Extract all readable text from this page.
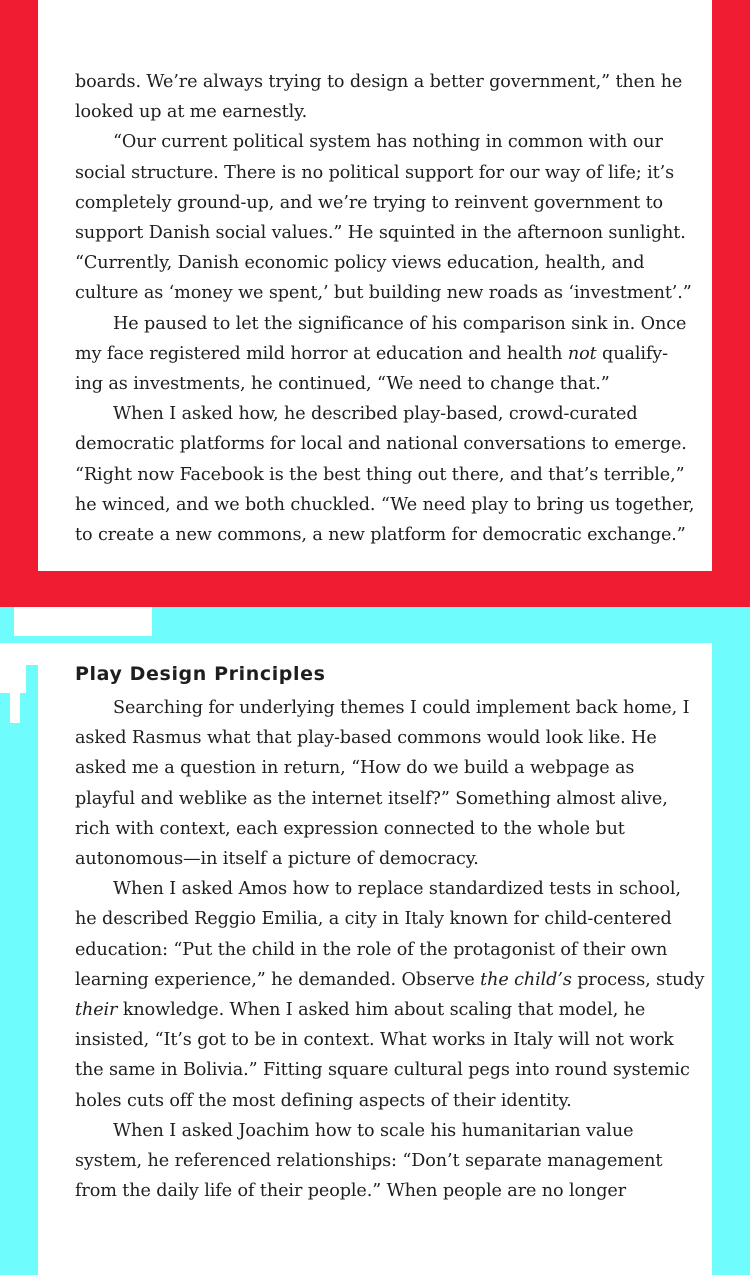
boards. We’re always trying to design a better government,” then he
looked up at me earnestly.

“Our current political system has nothing in common with our
social structure. There is no political support for our way of life; it’s
completely ground-up, and we’re trying to reinvent government to
support Danish social values.” He squinted in the afternoon sunlight.
“Currently, Danish economic policy views education, health, and
culture as ‘money we spent,’ but building new roads as ‘investment’.”

He paused to let the significance of his comparison sink in. Once
my face registered mild horror at education and health not qualify-
ing as investments, he continued, “We need to change that.”

When I asked how, he described play-based, crowd-curated
democratic platforms for local and national conversations to emerge.
“Right now Facebook is the best thing out there, and that’s terrible,”
he winced, and we both chuckled. “We need play to bring us together,
to create a new commons, a new platform for democratic exchange.”

Play Design Principles

Searching for underlying themes I could implement back home, I
asked Rasmus what that play-based commons would look like. He
asked me a question in return, “How do we build a webpage as
playful and weblike as the internet itself?” Something almost alive,
rich with context, each expression connected to the whole but
autonomous—in itself a picture of democracy.

When I asked Amos how to replace standardized tests in school,
he described Reggio Emilia, a city in Italy known for child-centered
education: “Put the child in the role of the protagonist of their own
learning experience,” he demanded. Observe the child’s process, study
their knowledge. When I asked him about scaling that model, he
insisted, “It’s got to be in context. What works in Italy will not work
the same in Bolivia.” Fitting square cultural pegs into round systemic
holes cuts off the most defining aspects of their identity.

When I asked Joachim how to scale his humanitarian value
system, he referenced relationships: “Don’t separate management
from the daily life of their people.” When people are no longer
